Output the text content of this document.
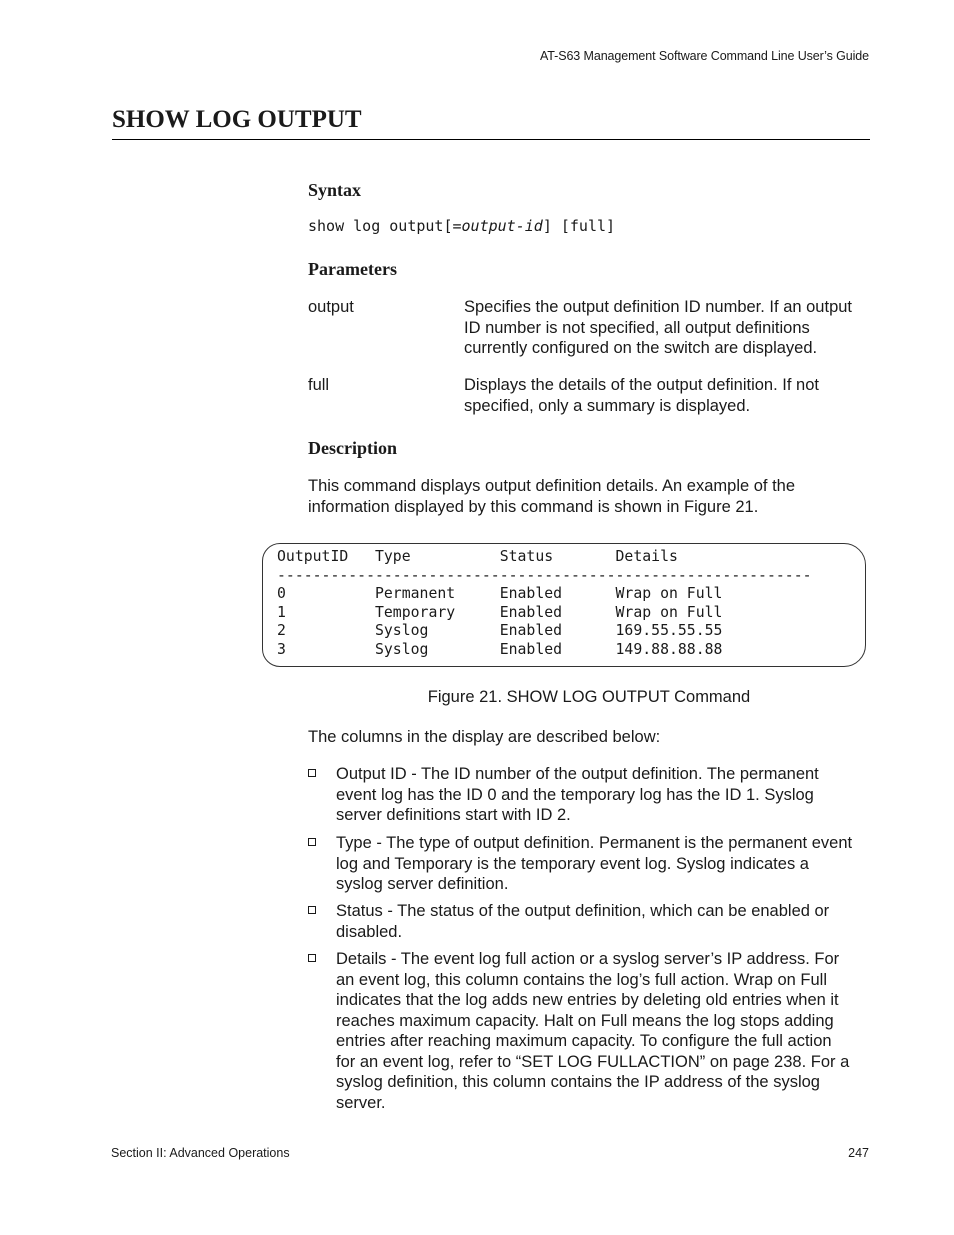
AT-S63 Management Software Command Line User’s Guide
SHOW LOG OUTPUT
Syntax
show log output[=output-id] [full]
Parameters
output	Specifies the output definition ID number. If an output
ID number is not specified, all output definitions
currently configured on the switch are displayed.
full	Displays the details of the output definition. If not
specified, only a summary is displayed.
Description
This command displays output definition details. An example of the
information displayed by this command is shown in Figure 21.
OutputID   Type          Status       Details
------------------------------------------------------------
0          Permanent     Enabled      Wrap on Full
1          Temporary     Enabled      Wrap on Full
2          Syslog        Enabled      169.55.55.55
3          Syslog        Enabled      149.88.88.88
Figure 21. SHOW LOG OUTPUT Command
The columns in the display are described below:
Output ID - The ID number of the output definition. The permanent
event log has the ID 0 and the temporary log has the ID 1. Syslog
server definitions start with ID 2.
Type - The type of output definition. Permanent is the permanent event
log and Temporary is the temporary event log. Syslog indicates a
syslog server definition.
Status - The status of the output definition, which can be enabled or
disabled.
Details - The event log full action or a syslog server’s IP address. For
an event log, this column contains the log’s full action. Wrap on Full
indicates that the log adds new entries by deleting old entries when it
reaches maximum capacity. Halt on Full means the log stops adding
entries after reaching maximum capacity. To configure the full action
for an event log, refer to “SET LOG FULLACTION” on page 238. For a
syslog definition, this column contains the IP address of the syslog
server.
Section II: Advanced Operations	247
